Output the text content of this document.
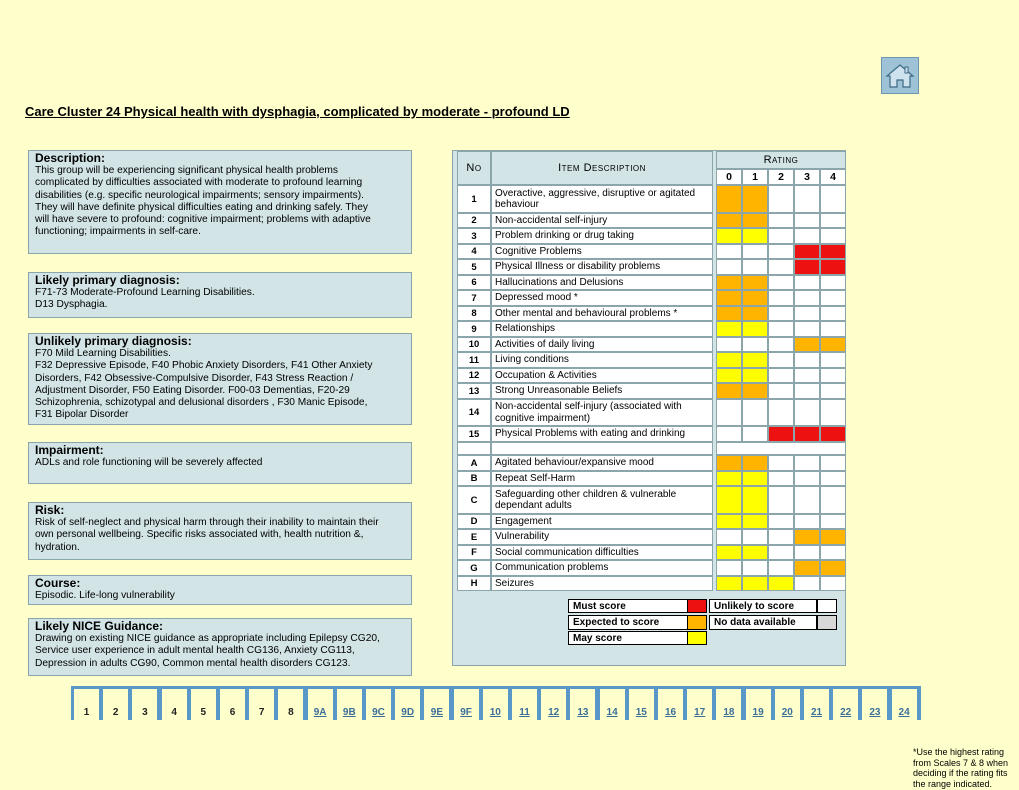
Care Cluster 24 Physical health with dysphagia, complicated by moderate - profound LD
Description:
This group will be experiencing significant physical health problems
complicated by difficulties associated with moderate to profound learning
disabilities (e.g. specific neurological impairments; sensory impairments).
They will have definite physical difficulties eating and drinking safely. They
will have severe to profound: cognitive impairment; problems with adaptive
functioning; impairments in self-care.
Likely primary diagnosis:
F71-73 Moderate-Profound Learning Disabilities.
D13 Dysphagia.
Unlikely primary diagnosis:
F70 Mild Learning Disabilities.
F32 Depressive Episode, F40 Phobic Anxiety Disorders, F41 Other Anxiety
Disorders, F42 Obsessive-Compulsive Disorder, F43 Stress Reaction /
Adjustment Disorder, F50 Eating Disorder. F00-03 Dementias, F20-29
Schizophrenia, schizotypal and delusional disorders , F30 Manic Episode,
F31 Bipolar Disorder
Impairment:
ADLs and role functioning will be severely affected
Risk:
Risk of self-neglect and physical harm through their inability to maintain their
own personal wellbeing. Specific risks associated with, health nutrition &,
hydration.
Course:
Episodic. Life-long vulnerability
Likely NICE Guidance:
Drawing on existing NICE guidance as appropriate including Epilepsy CG20,
Service user experience in adult mental health CG136, Anxiety CG113,
Depression in adults CG90, Common mental health disorders CG123.
No	Item Description
Rating
0	1	2	3	4
1
Overactive, aggressive, disruptive or agitated behaviour
2	Non-accidental self-injury
3	Problem drinking or drug taking
4	Cognitive Problems
5	Physical Illness or disability problems
6	Hallucinations and Delusions
7	Depressed mood *
8	Other mental and behavioural problems *
9	Relationships
10	Activities of daily living
11	Living conditions
12	Occupation & Activities
13	Strong Unreasonable Beliefs
14
Non-accidental self-injury (associated with cognitive impairment)
15	Physical Problems with eating and drinking
A	Agitated behaviour/expansive mood
B	Repeat Self-Harm
C
Safeguarding other children & vulnerable dependant adults
D	Engagement
E	Vulnerability
F	Social communication difficulties
G	Communication problems
H	Seizures
*Use the highest rating from Scales 7 & 8 when deciding if the rating fits the range indicated.
Must score
Expected to score
May score
Unlikely to score
No data available
1	2	3	4	5	6	7	8	9A	9B	9C	9D	9E	9F	10	11	12	13	14	15	16	17	18	19	20	21	22	23	24
